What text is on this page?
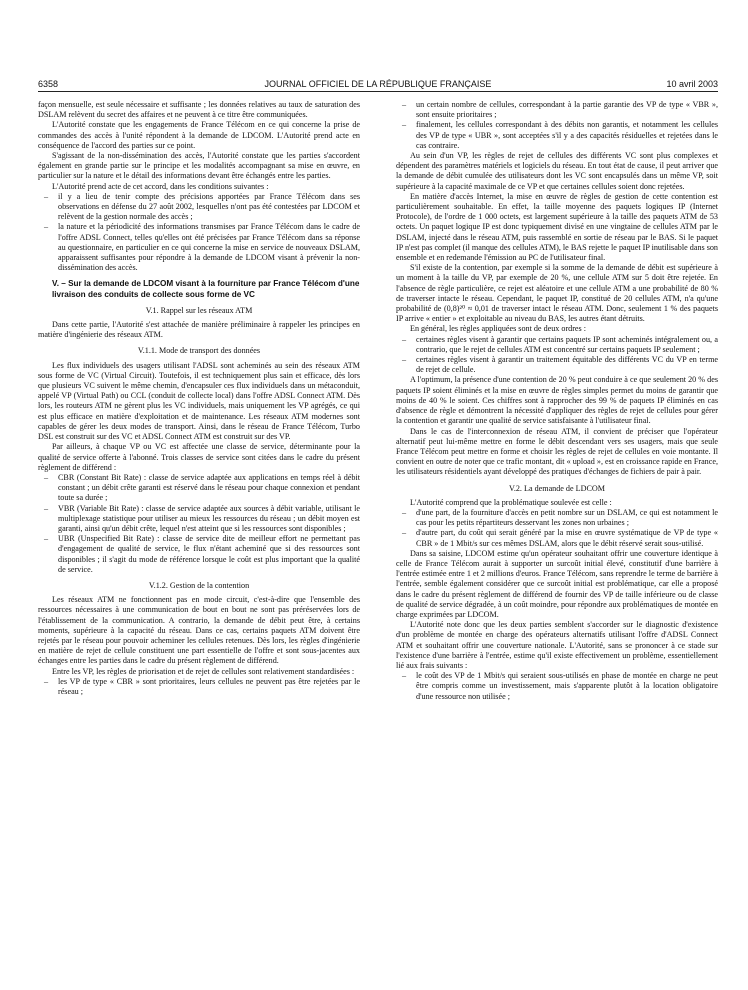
6358	JOURNAL OFFICIEL DE LA RÉPUBLIQUE FRANÇAISE	10 avril 2003

façon mensuelle, est seule nécessaire et suffisante ; les données relatives au taux de saturation des DSLAM relèvent du secret des affaires et ne peuvent à ce titre être communiquées.

L'Autorité constate que les engagements de France Télécom en ce qui concerne la prise de commandes des accès à l'unité répondent à la demande de LDCOM. L'Autorité prend acte en conséquence de l'accord des parties sur ce point.

S'agissant de la non-dissémination des accès, l'Autorité constate que les parties s'accordent également en grande partie sur le principe et les modalités accompagnant sa mise en œuvre, en particulier sur la nature et le détail des informations devant être échangés entre les parties.

L'Autorité prend acte de cet accord, dans les conditions suivantes :

– il y a lieu de tenir compte des précisions apportées par France Télécom dans ses observations en défense du 27 août 2002, lesquelles n'ont pas été contestées par LDCOM et relèvent de la gestion normale des accès ;
– la nature et la périodicité des informations transmises par France Télécom dans le cadre de l'offre ADSL Connect, telles qu'elles ont été précisées par France Télécom dans sa réponse au questionnaire, en particulier en ce qui concerne la mise en service de nouveaux DSLAM, apparaissent suffisantes pour répondre à la demande de LDCOM visant à prévenir la non-dissémination des accès.
V. – Sur la demande de LDCOM visant à la fourniture par France Télécom d'une livraison des conduits de collecte sous forme de VC
V.1. Rappel sur les réseaux ATM

Dans cette partie, l'Autorité s'est attachée de manière préliminaire à rappeler les principes en matière d'ingénierie des réseaux ATM.

V.1.1. Mode de transport des données

Les flux individuels des usagers utilisant l'ADSL sont acheminés au sein des réseaux ATM sous forme de VC (Virtual Circuit). Toutefois, il est techniquement plus sain et efficace, dès lors que plusieurs VC suivent le même chemin, d'encapsuler ces flux individuels dans un métaconduit, appelé VP (Virtual Path) ou CCL (conduit de collecte local) dans l'offre ADSL Connect ATM. Dès lors, les routeurs ATM ne gèrent plus les VC individuels, mais uniquement les VP agrégés, ce qui est plus efficace en matière d'exploitation et de maintenance. Les réseaux ATM modernes sont capables de gérer les deux modes de transport. Ainsi, dans le réseau de France Télécom, Turbo DSL est construit sur des VC et ADSL Connect ATM est construit sur des VP.

Par ailleurs, à chaque VP ou VC est affectée une classe de service, déterminante pour la qualité de service offerte à l'abonné. Trois classes de service sont citées dans le cadre du présent règlement de différend :

– CBR (Constant Bit Rate) : classe de service adaptée aux applications en temps réel à débit constant ; un débit crête garanti est réservé dans le réseau pour chaque connexion et pendant toute sa durée ;
– VBR (Variable Bit Rate) : classe de service adaptée aux sources à débit variable, utilisant le multiplexage statistique pour utiliser au mieux les ressources du réseau ; un débit moyen est garanti, ainsi qu'un débit crête, lequel n'est atteint que si les ressources sont disponibles ;
– UBR (Unspecified Bit Rate) : classe de service dite de meilleur effort ne permettant pas d'engagement de qualité de service, le flux n'étant acheminé que si des ressources sont disponibles ; il s'agit du mode de référence lorsque le coût est plus important que la qualité de service.
V.1.2. Gestion de la contention

Les réseaux ATM ne fonctionnent pas en mode circuit, c'est-à-dire que l'ensemble des ressources nécessaires à une communication de bout en bout ne sont pas préréservées lors de l'établissement de la communication. A contrario, la demande de débit peut être, à certains moments, supérieure à la capacité du réseau. Dans ce cas, certains paquets ATM doivent être rejetés par le réseau pour pouvoir acheminer les cellules retenues. Dès lors, les règles d'ingénierie en matière de rejet de cellule constituent une part essentielle de l'offre et sont sous-jacentes aux échanges entre les parties dans le cadre du présent règlement de différend.

Entre les VP, les règles de priorisation et de rejet de cellules sont relativement standardisées :

– les VP de type « CBR » sont prioritaires, leurs cellules ne peuvent pas être rejetées par le réseau ;
– un certain nombre de cellules, correspondant à la partie garantie des VP de type « VBR », sont ensuite prioritaires ;
– finalement, les cellules correspondant à des débits non garantis, et notamment les cellules des VP de type « UBR », sont acceptées s'il y a des capacités résiduelles et rejetées dans le cas contraire.

Au sein d'un VP, les règles de rejet de cellules des différents VC sont plus complexes et dépendent des paramètres matériels et logiciels du réseau. En tout état de cause, il peut arriver que la demande de débit cumulée des utilisateurs dont les VC sont encapsulés dans un même VP, soit supérieure à la capacité maximale de ce VP et que certaines cellules soient donc rejetées.

En matière d'accès Internet, la mise en œuvre de règles de gestion de cette contention est particulièrement souhaitable. En effet, la taille moyenne des paquets logiques IP (Internet Protocole), de l'ordre de 1 000 octets, est largement supérieure à la taille des paquets ATM de 53 octets. Un paquet logique IP est donc typiquement divisé en une vingtaine de cellules ATM par le DSLAM, injecté dans le réseau ATM, puis rassemblé en sortie de réseau par le BAS. Si le paquet IP n'est pas complet (il manque des cellules ATM), le BAS rejette le paquet IP inutilisable dans son ensemble et en redemande l'émission au PC de l'utilisateur final.

S'il existe de la contention, par exemple si la somme de la demande de débit est supérieure à un moment à la taille du VP, par exemple de 20 %, une cellule ATM sur 5 doit être rejetée. En l'absence de règle particulière, ce rejet est aléatoire et une cellule ATM a une probabilité de 80 % de traverser intacte le réseau. Cependant, le paquet IP, constitué de 20 cellules ATM, n'a qu'une probabilité de (0,8)²⁰ ≈ 0,01 de traverser intact le réseau ATM. Donc, seulement 1 % des paquets IP arrive « entier » et exploitable au niveau du BAS, les autres étant détruits.

En général, les règles appliquées sont de deux ordres :

– certaines règles visent à garantir que certains paquets IP sont acheminés intégralement ou, a contrario, que le rejet de cellules ATM est concentré sur certains paquets IP seulement ;
– certaines règles visent à garantir un traitement équitable des différents VC du VP en terme de rejet de cellule.

A l'optimum, la présence d'une contention de 20 % peut conduire à ce que seulement 20 % des paquets IP soient éliminés et la mise en œuvre de règles simples permet du moins de garantir que moins de 40 % le soient. Ces chiffres sont à rapprocher des 99 % de paquets IP éliminés en cas d'absence de règle et démontrent la nécessité d'appliquer des règles de rejet de cellules pour gérer la contention et garantir une qualité de service satisfaisante à l'utilisateur final.

Dans le cas de l'interconnexion de réseau ATM, il convient de préciser que l'opérateur alternatif peut lui-même mettre en forme le débit descendant vers ses usagers, mais que seule France Télécom peut mettre en forme et choisir les règles de rejet de cellules en voie montante. Il convient en outre de noter que ce trafic montant, dit « upload », est en croissance rapide en France, les utilisateurs résidentiels ayant développé des pratiques d'échanges de fichiers de pair à pair.

V.2. La demande de LDCOM

L'Autorité comprend que la problématique soulevée est celle :

– d'une part, de la fourniture d'accès en petit nombre sur un DSLAM, ce qui est notamment le cas pour les petits répartiteurs desservant les zones non urbaines ;
– d'autre part, du coût qui serait généré par la mise en œuvre systématique de VP de type « CBR » de 1 Mbit/s sur ces mêmes DSLAM, alors que le débit réservé serait sous-utilisé.

Dans sa saisine, LDCOM estime qu'un opérateur souhaitant offrir une couverture identique à celle de France Télécom aurait à supporter un surcoût initial élevé, constitutif d'une barrière à l'entrée estimée entre 1 et 2 millions d'euros. France Télécom, sans reprendre le terme de barrière à l'entrée, semble également considérer que ce surcoût initial est problématique, car elle a proposé dans le cadre du présent règlement de différend de fournir des VP de taille inférieure ou de classe de qualité de service dégradée, à un coût moindre, pour répondre aux problématiques de montée en charge exprimées par LDCOM.

L'Autorité note donc que les deux parties semblent s'accorder sur le diagnostic d'existence d'un problème de montée en charge des opérateurs alternatifs utilisant l'offre d'ADSL Connect ATM et souhaitant offrir une couverture nationale. L'Autorité, sans se prononcer à ce stade sur l'existence d'une barrière à l'entrée, estime qu'il existe effectivement un problème, essentiellement lié aux frais suivants :

– le coût des VP de 1 Mbit/s qui seraient sous-utilisés en phase de montée en charge ne peut être compris comme un investissement, mais s'apparente plutôt à la location obligatoire d'une ressource non utilisée ;
